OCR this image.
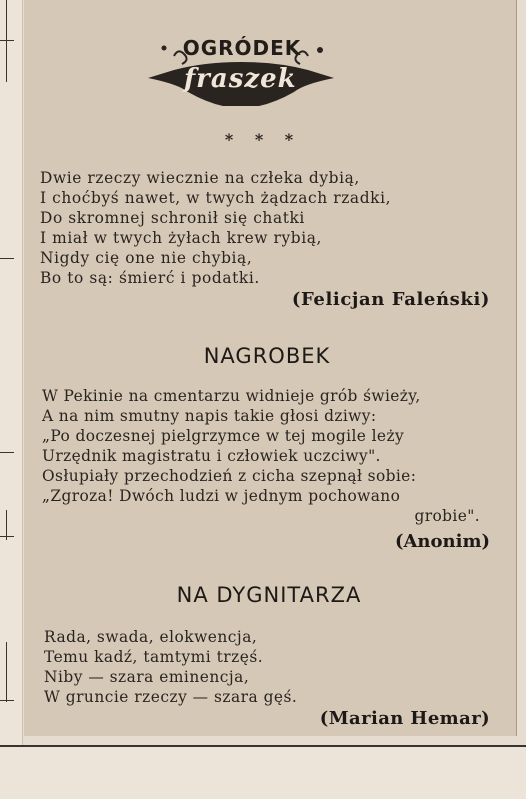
OGRÓDEK
fraszek
* * *
Dwie rzeczy wiecznie na człeka dybią,
I choćbyś nawet, w twych żądzach rzadki,
Do skromnej schronił się chatki
I miał w twych żyłach krew rybią,
Nigdy cię one nie chybią,
Bo to są: śmierć i podatki.
(Felicjan Faleński)
NAGROBEK
W Pekinie na cmentarzu widnieje grób świeży,
A na nim smutny napis takie głosi dziwy:
„Po doczesnej pielgrzymce w tej mogile leży
Urzędnik magistratu i człowiek uczciwy".
Osłupiały przechodzień z cicha szepnął sobie:
„Zgroza! Dwóch ludzi w jednym pochowano
grobie".
(Anonim)
NA DYGNITARZA
Rada, swada, elokwencja,
Temu kadź, tamtymi trzęś.
Niby — szara eminencja,
W gruncie rzeczy — szara gęś.
(Marian Hemar)
